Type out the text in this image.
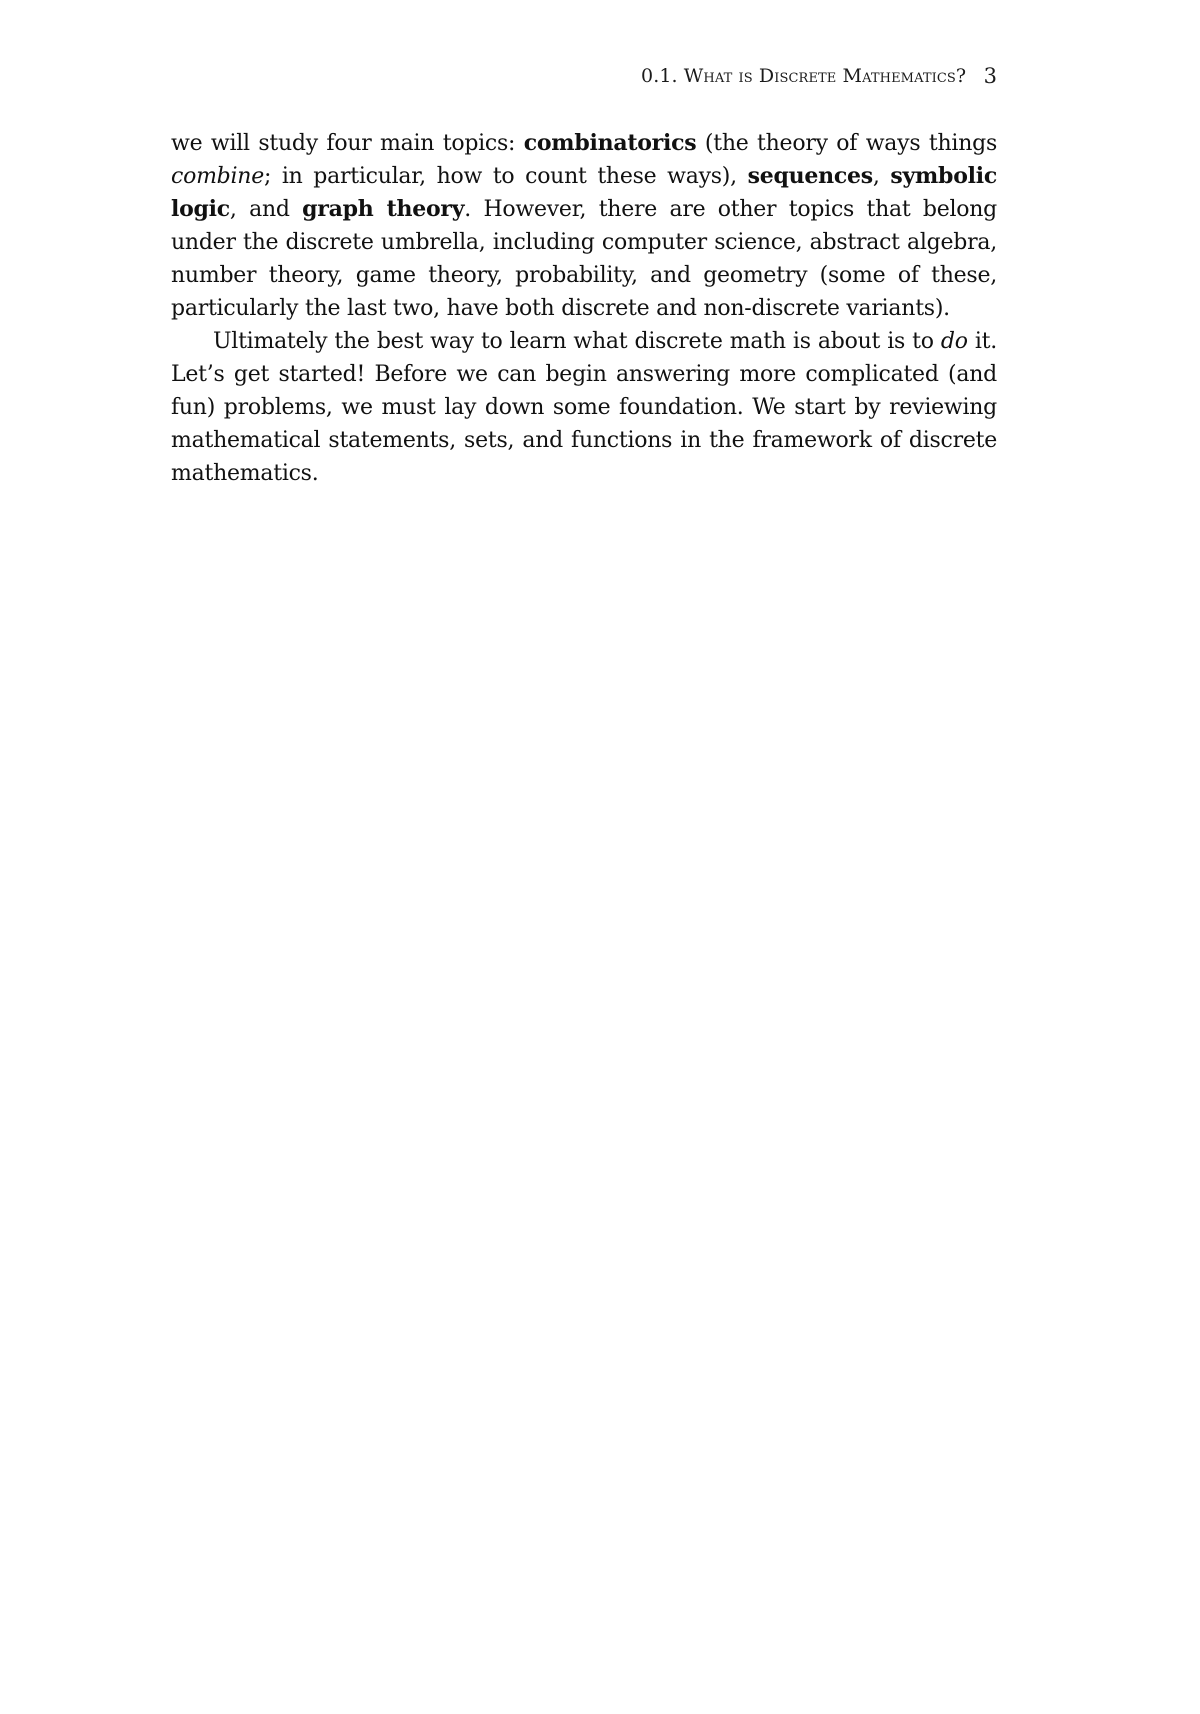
0.1. What is Discrete Mathematics? 3

we will study four main topics: combinatorics (the theory of ways things combine; in particular, how to count these ways), sequences, symbolic logic, and graph theory. However, there are other topics that belong under the discrete umbrella, including computer science, abstract algebra, number theory, game theory, probability, and geometry (some of these, particularly the last two, have both discrete and non-discrete variants).

Ultimately the best way to learn what discrete math is about is to do it. Let’s get started! Before we can begin answering more complicated (and fun) problems, we must lay down some foundation. We start by reviewing mathematical statements, sets, and functions in the framework of discrete mathematics.
